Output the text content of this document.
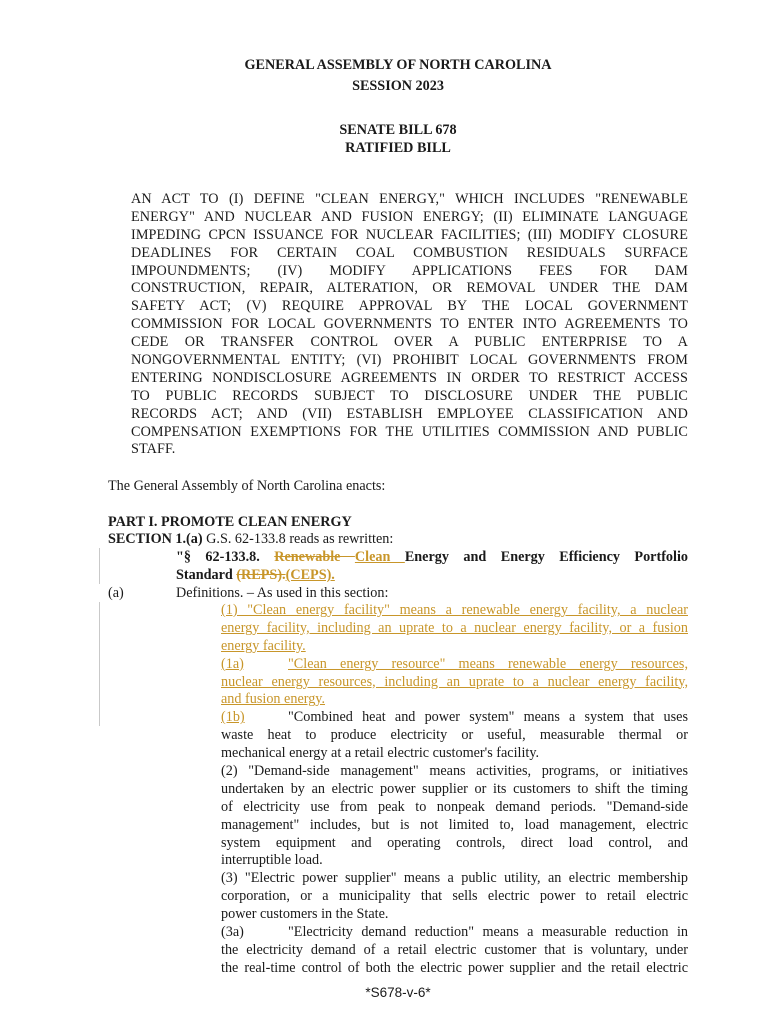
GENERAL ASSEMBLY OF NORTH CAROLINA
SESSION 2023
SENATE BILL 678
RATIFIED BILL
AN ACT TO (I) DEFINE "CLEAN ENERGY," WHICH INCLUDES "RENEWABLE
ENERGY" AND NUCLEAR AND FUSION ENERGY; (II) ELIMINATE LANGUAGE
IMPEDING CPCN ISSUANCE FOR NUCLEAR FACILITIES; (III) MODIFY CLOSURE
DEADLINES FOR CERTAIN COAL COMBUSTION RESIDUALS SURFACE
IMPOUNDMENTS; (IV) MODIFY APPLICATIONS FEES FOR DAM
CONSTRUCTION, REPAIR, ALTERATION, OR REMOVAL UNDER THE DAM
SAFETY ACT; (V) REQUIRE APPROVAL BY THE LOCAL GOVERNMENT
COMMISSION FOR LOCAL GOVERNMENTS TO ENTER INTO AGREEMENTS TO
CEDE OR TRANSFER CONTROL OVER A PUBLIC ENTERPRISE TO A
NONGOVERNMENTAL ENTITY; (VI) PROHIBIT LOCAL GOVERNMENTS FROM
ENTERING NONDISCLOSURE AGREEMENTS IN ORDER TO RESTRICT ACCESS
TO PUBLIC RECORDS SUBJECT TO DISCLOSURE UNDER THE PUBLIC
RECORDS ACT; AND (VII) ESTABLISH EMPLOYEE CLASSIFICATION AND
COMPENSATION EXEMPTIONS FOR THE UTILITIES COMMISSION AND PUBLIC
STAFF.
The General Assembly of North Carolina enacts:
PART I. PROMOTE CLEAN ENERGY
SECTION 1.(a) G.S. 62-133.8 reads as rewritten:
"§ 62-133.8. Renewable Clean Energy and Energy Efficiency Portfolio
Standard (REPS).(CEPS).
(a)	Definitions. – As used in this section:
(1) "Clean energy facility" means a renewable energy facility, a nuclear
energy facility, including an uprate to a nuclear energy facility, or a fusion
energy facility.
(1a)	"Clean energy resource" means renewable energy resources,
nuclear energy resources, including an uprate to a nuclear energy facility,
and fusion energy.
(1b)	"Combined heat and power system" means a system that uses
waste heat to produce electricity or useful, measurable thermal or
mechanical energy at a retail electric customer's facility.
(2) "Demand-side management" means activities, programs, or initiatives
undertaken by an electric power supplier or its customers to shift the timing
of electricity use from peak to nonpeak demand periods. "Demand-side
management" includes, but is not limited to, load management, electric
system equipment and operating controls, direct load control, and
interruptible load.
(3) "Electric power supplier" means a public utility, an electric membership
corporation, or a municipality that sells electric power to retail electric
power customers in the State.
(3a)	"Electricity demand reduction" means a measurable reduction in
the electricity demand of a retail electric customer that is voluntary, under
the real-time control of both the electric power supplier and the retail electric
*S678-v-6*
